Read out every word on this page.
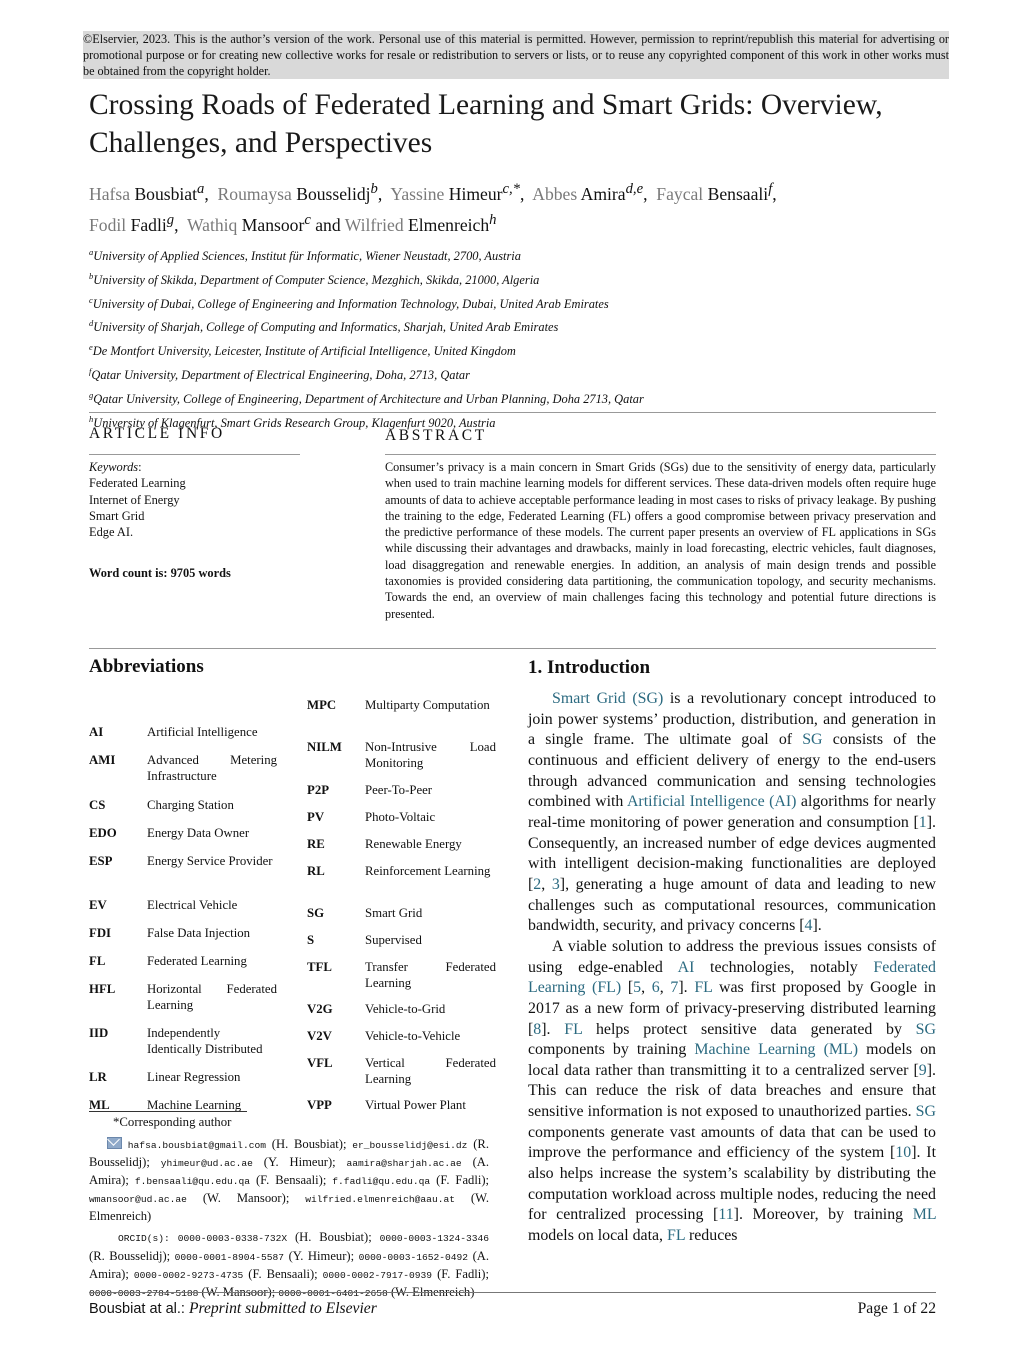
©Elservier, 2023. This is the author’s version of the work. Personal use of this material is permitted. However, permission to reprint/republish this material for advertising or promotional purpose or for creating new collective works for resale or redistribution to servers or lists, or to reuse any copyrighted component of this work in other works must be obtained from the copyright holder.
Crossing Roads of Federated Learning and Smart Grids: Overview, Challenges, and Perspectives
Hafsa Bousbiat$^a$,  Roumaysa Bousselidj$^b$,  Yassine Himeur$^{c,*}$,  Abbes Amira$^{d,e}$,  Faycal Bensaali$^f$,
Fodil Fadli$^g$,  Wathiq Mansoor$^c$ and Wilfried Elmenreich$^h$
$^a$University of Applied Sciences, Institut für Informatic, Wiener Neustadt, 2700, Austria
$^b$University of Skikda, Department of Computer Science, Mezghich, Skikda, 21000, Algeria
$^c$University of Dubai, College of Engineering and Information Technology, Dubai, United Arab Emirates
$^d$University of Sharjah, College of Computing and Informatics, Sharjah, United Arab Emirates
$^e$De Montfort University, Leicester, Institute of Artificial Intelligence, United Kingdom
$^f$Qatar University, Department of Electrical Engineering, Doha, 2713, Qatar
$^g$Qatar University, College of Engineering, Department of Architecture and Urban Planning, Doha 2713, Qatar
$^h$University of Klagenfurt, Smart Grids Research Group, Klagenfurt 9020, Austria
ARTICLE INFO	ABSTRACT
Keywords:
Federated Learning
Internet of Energy
Smart Grid
Edge AI.
Word count is: 9705 words
Consumer’s privacy is a main concern in Smart Grids (SGs) due to the sensitivity of energy data, particularly when used to train machine learning models for different services. These data-driven models often require huge amounts of data to achieve acceptable performance leading in most cases to risks of privacy leakage. By pushing the training to the edge, Federated Learning (FL) offers a good compromise between privacy preservation and the predictive performance of these models. The current paper presents an overview of FL applications in SGs while discussing their advantages and drawbacks, mainly in load forecasting, electric vehicles, fault diagnoses, load disaggregation and renewable energies. In addition, an analysis of main design trends and possible taxonomies is provided considering data partitioning, the communication topology, and security mechanisms. Towards the end, an overview of main challenges facing this technology and potential future directions is presented.
Abbreviations
AI	Artificial Intelligence
AMI	Advanced Metering Infrastructure
CS	Charging Station
EDO	Energy Data Owner
ESP	Energy Service Provider
EV	Electrical Vehicle
FDI	False Data Injection
FL	Federated Learning
HFL	Horizontal Federated Learning
IID	Independently Identically Distributed
LR	Linear Regression
ML	Machine Learning
MPC	Multiparty Computation
NILM	Non-Intrusive Load Monitoring
P2P	Peer-To-Peer
PV	Photo-Voltaic
RE	Renewable Energy
RL	Reinforcement Learning
SG	Smart Grid
S	Supervised
TFL	Transfer Federated Learning
V2G	Vehicle-to-Grid
V2V	Vehicle-to-Vehicle
VFL	Vertical Federated Learning
VPP	Virtual Power Plant
*Corresponding author
hafsa.bousbiat@gmail.com (H. Bousbiat); er_bousselidj@esi.dz (R. Bousselidj); yhimeur@ud.ac.ae (Y. Himeur); aamira@sharjah.ac.ae (A. Amira); f.bensaali@qu.edu.qa (F. Bensaali); f.fadli@qu.edu.qa (F. Fadli); wmansoor@ud.ac.ae (W. Mansoor); wilfried.elmenreich@aau.at (W. Elmenreich)
ORCID(s): 0000-0003-0338-732X (H. Bousbiat); 0000-0003-1324-3346 (R. Bousselidj); 0000-0001-8904-5587 (Y. Himeur); 0000-0003-1652-0492 (A. Amira); 0000-0002-9273-4735 (F. Bensaali); 0000-0002-7917-0939 (F. Fadli); 0000-0003-2784-5188 (W. Mansoor); 0000-0001-6401-2658 (W. Elmenreich)
1. Introduction

Smart Grid (SG) is a revolutionary concept introduced to join power systems’ production, distribution, and generation in a single frame. The ultimate goal of SG consists of the continuous and efficient delivery of energy to the end-users through advanced communication and sensing technologies combined with Artificial Intelligence (AI) algorithms for nearly real-time monitoring of power generation and consumption [1]. Consequently, an increased number of edge devices augmented with intelligent decision-making functionalities are deployed [2, 3], generating a huge amount of data and leading to new challenges such as computational resources, communication bandwidth, security, and privacy concerns [4].

A viable solution to address the previous issues consists of using edge-enabled AI technologies, notably Federated Learning (FL) [5, 6, 7]. FL was first proposed by Google in 2017 as a new form of privacy-preserving distributed learning [8]. FL helps protect sensitive data generated by SG components by training Machine Learning (ML) models on local data rather than transmitting it to a centralized server [9]. This can reduce the risk of data breaches and ensure that sensitive information is not exposed to unauthorized parties. SG components generate vast amounts of data that can be used to improve the performance and efficiency of the system [10]. It also helps increase the system’s scalability by distributing the computation workload across multiple nodes, reducing the need for centralized processing [11]. Moreover, by training ML models on local data, FL reduces

Bousbiat at al.: Preprint submitted to Elsevier	Page 1 of 22
